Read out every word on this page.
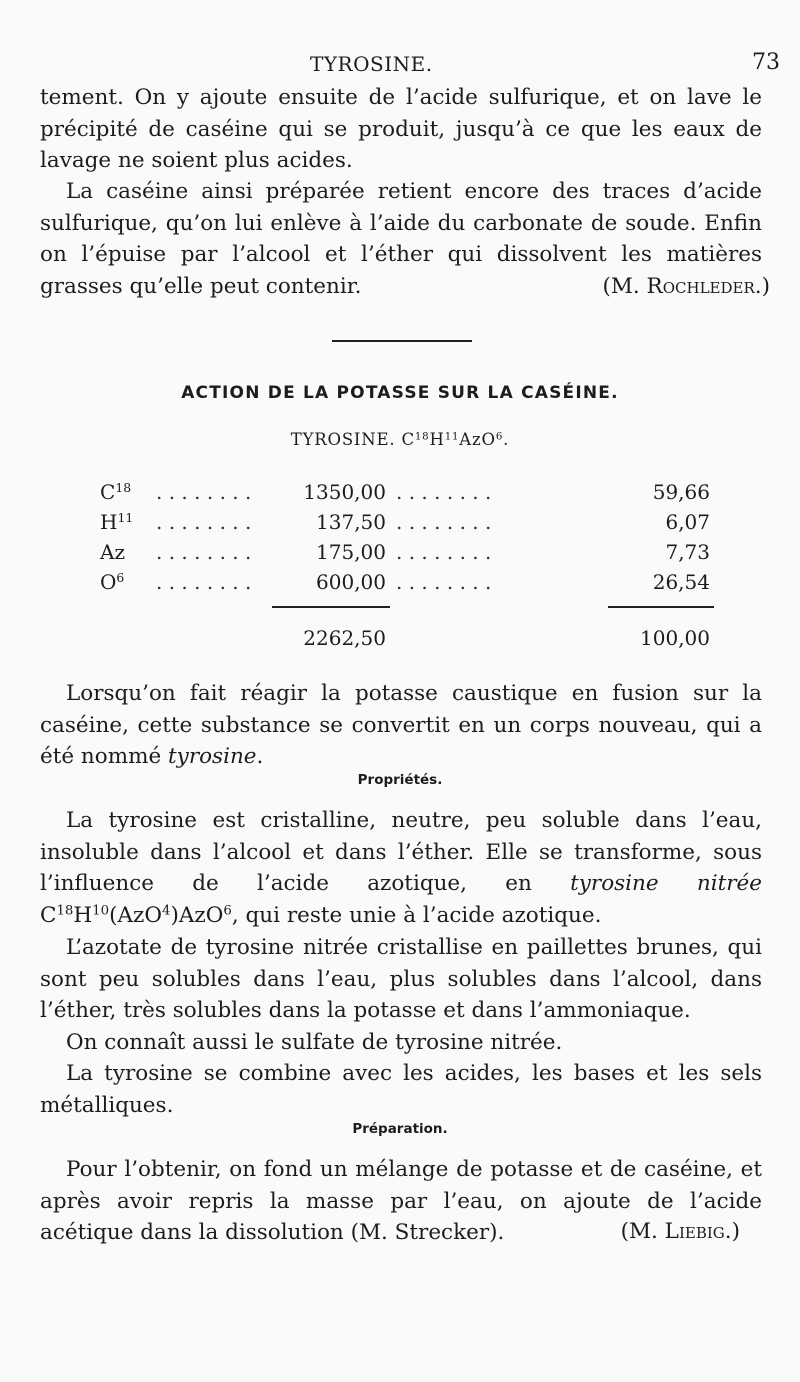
TYROSINE.	73
tement. On y ajoute ensuite de l’acide sulfurique, et on lave le précipité de caséine qui se produit, jusqu’à ce que les eaux de lavage ne soient plus acides.
La caséine ainsi préparée retient encore des traces d’acide sulfurique, qu’on lui enlève à l’aide du carbonate de soude. Enfin on l’épuise par l’alcool et l’éther qui dissolvent les matières grasses qu’elle peut contenir.	(M. Rochleder.)
ACTION DE LA POTASSE SUR LA CASÉINE.
TYROSINE. $C^{18}H^{11}AzO^6$.
$C^{18}$ . . . . . . . .	1350,00 . . . . . . . .	59,66
$H^{11}$ . . . . . . . .	137,50 . . . . . . . .	6,07
Az . . . . . . . .	175,00 . . . . . . . .	7,73
$O^6$ . . . . . . . .	600,00 . . . . . . . .	26,54
2262,50	100,00
Lorsqu’on fait réagir la potasse caustique en fusion sur la caséine, cette substance se convertit en un corps nouveau, qui a été nommé tyrosine.
Propriétés.
La tyrosine est cristalline, neutre, peu soluble dans l’eau, insoluble dans l’alcool et dans l’éther. Elle se transforme, sous l’influence de l’acide azotique, en tyrosine nitrée $C^{18}H^{10}(AzO^4)AzO^6$, qui reste unie à l’acide azotique.
L’azotate de tyrosine nitrée cristallise en paillettes brunes, qui sont peu solubles dans l’eau, plus solubles dans l’alcool, dans l’éther, très solubles dans la potasse et dans l’ammoniaque.
On connaît aussi le sulfate de tyrosine nitrée.
La tyrosine se combine avec les acides, les bases et les sels métalliques.
Préparation.
Pour l’obtenir, on fond un mélange de potasse et de caséine, et après avoir repris la masse par l’eau, on ajoute de l’acide acétique dans la dissolution (M. Strecker).	(M. Liebig.)
